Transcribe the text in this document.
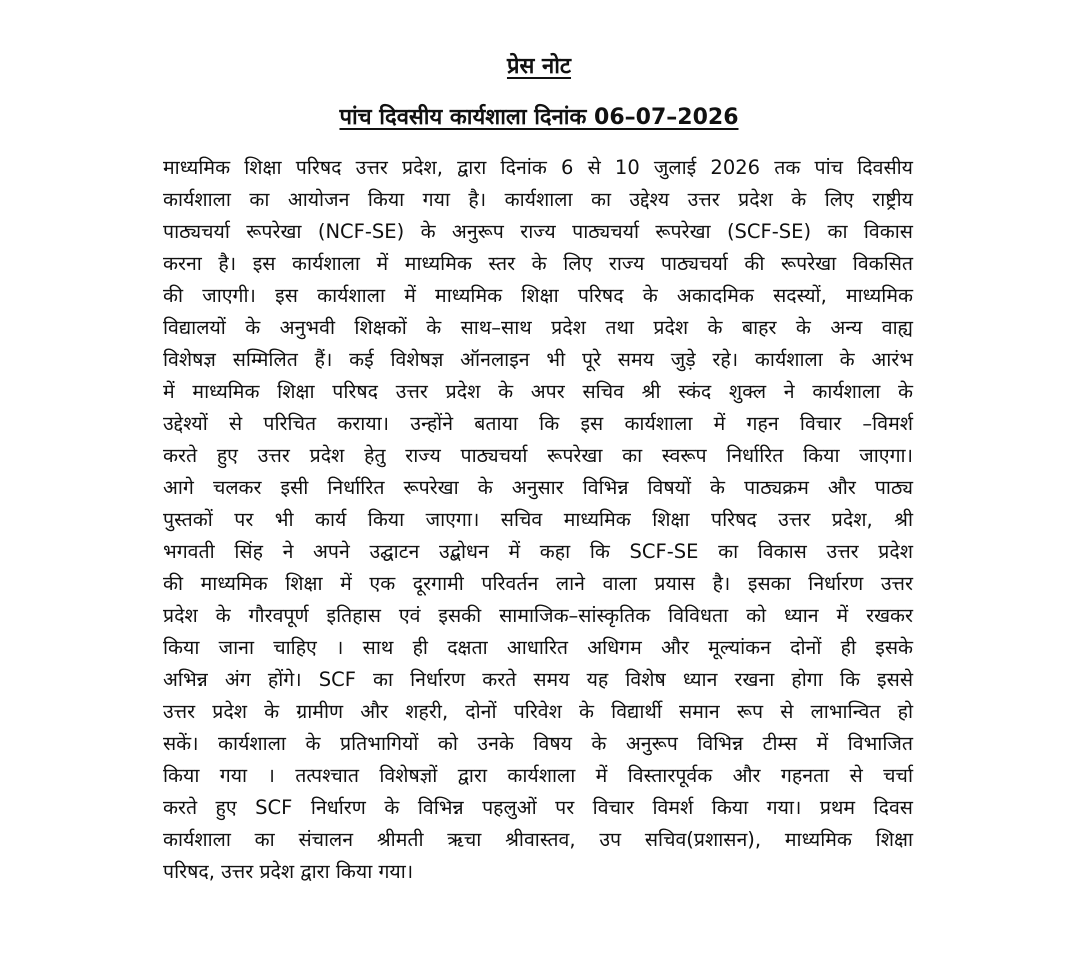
प्रेस नोट
पांच दिवसीय कार्यशाला दिनांक 06–07–2026
माध्यमिक शिक्षा परिषद उत्तर प्रदेश, द्वारा दिनांक 6 से 10 जुलाई 2026 तक पांच दिवसीय
कार्यशाला का आयोजन किया गया है। कार्यशाला का उद्देश्य उत्तर प्रदेश के लिए राष्ट्रीय
पाठ्यचर्या रूपरेखा (NCF-SE) के अनुरूप राज्य पाठ्यचर्या रूपरेखा (SCF-SE) का विकास
करना है। इस कार्यशाला में माध्यमिक स्तर के लिए राज्य पाठ्यचर्या की रूपरेखा विकसित
की जाएगी। इस कार्यशाला में माध्यमिक शिक्षा परिषद के अकादमिक सदस्यों, माध्यमिक
विद्यालयों के अनुभवी शिक्षकों के साथ–साथ प्रदेश तथा प्रदेश के बाहर के अन्य वाह्य
विशेषज्ञ सम्मिलित हैं। कई विशेषज्ञ ऑनलाइन भी पूरे समय जुड़े रहे। कार्यशाला के आरंभ
में माध्यमिक शिक्षा परिषद उत्तर प्रदेश के अपर सचिव श्री स्कंद शुक्ल ने कार्यशाला के
उद्देश्यों से परिचित कराया। उन्होंने बताया कि इस कार्यशाला में गहन विचार –विमर्श
करते हुए उत्तर प्रदेश हेतु राज्य पाठ्यचर्या रूपरेखा का स्वरूप निर्धारित किया जाएगा।
आगे चलकर इसी निर्धारित रूपरेखा के अनुसार विभिन्न विषयों के पाठ्यक्रम और पाठ्य
पुस्तकों पर भी कार्य किया जाएगा। सचिव माध्यमिक शिक्षा परिषद उत्तर प्रदेश, श्री
भगवती सिंह ने अपने उद्घाटन उद्बोधन में कहा कि SCF-SE का विकास उत्तर प्रदेश
की माध्यमिक शिक्षा में एक दूरगामी परिवर्तन लाने वाला प्रयास है। इसका निर्धारण उत्तर
प्रदेश के गौरवपूर्ण इतिहास एवं इसकी सामाजिक–सांस्कृतिक विविधता को ध्यान में रखकर
किया जाना चाहिए । साथ ही दक्षता आधारित अधिगम और मूल्यांकन दोनों ही इसके
अभिन्न अंग होंगे। SCF का निर्धारण करते समय यह विशेष ध्यान रखना होगा कि इससे
उत्तर प्रदेश के ग्रामीण और शहरी, दोनों परिवेश के विद्यार्थी समान रूप से लाभान्वित हो
सकें। कार्यशाला के प्रतिभागियों को उनके विषय के अनुरूप विभिन्न टीम्स में विभाजित
किया गया । तत्पश्चात विशेषज्ञों द्वारा कार्यशाला में विस्तारपूर्वक और गहनता से चर्चा
करते हुए SCF निर्धारण के विभिन्न पहलुओं पर विचार विमर्श किया गया। प्रथम दिवस
कार्यशाला का संचालन श्रीमती ऋचा श्रीवास्तव, उप सचिव(प्रशासन), माध्यमिक शिक्षा
परिषद, उत्तर प्रदेश द्वारा किया गया।
